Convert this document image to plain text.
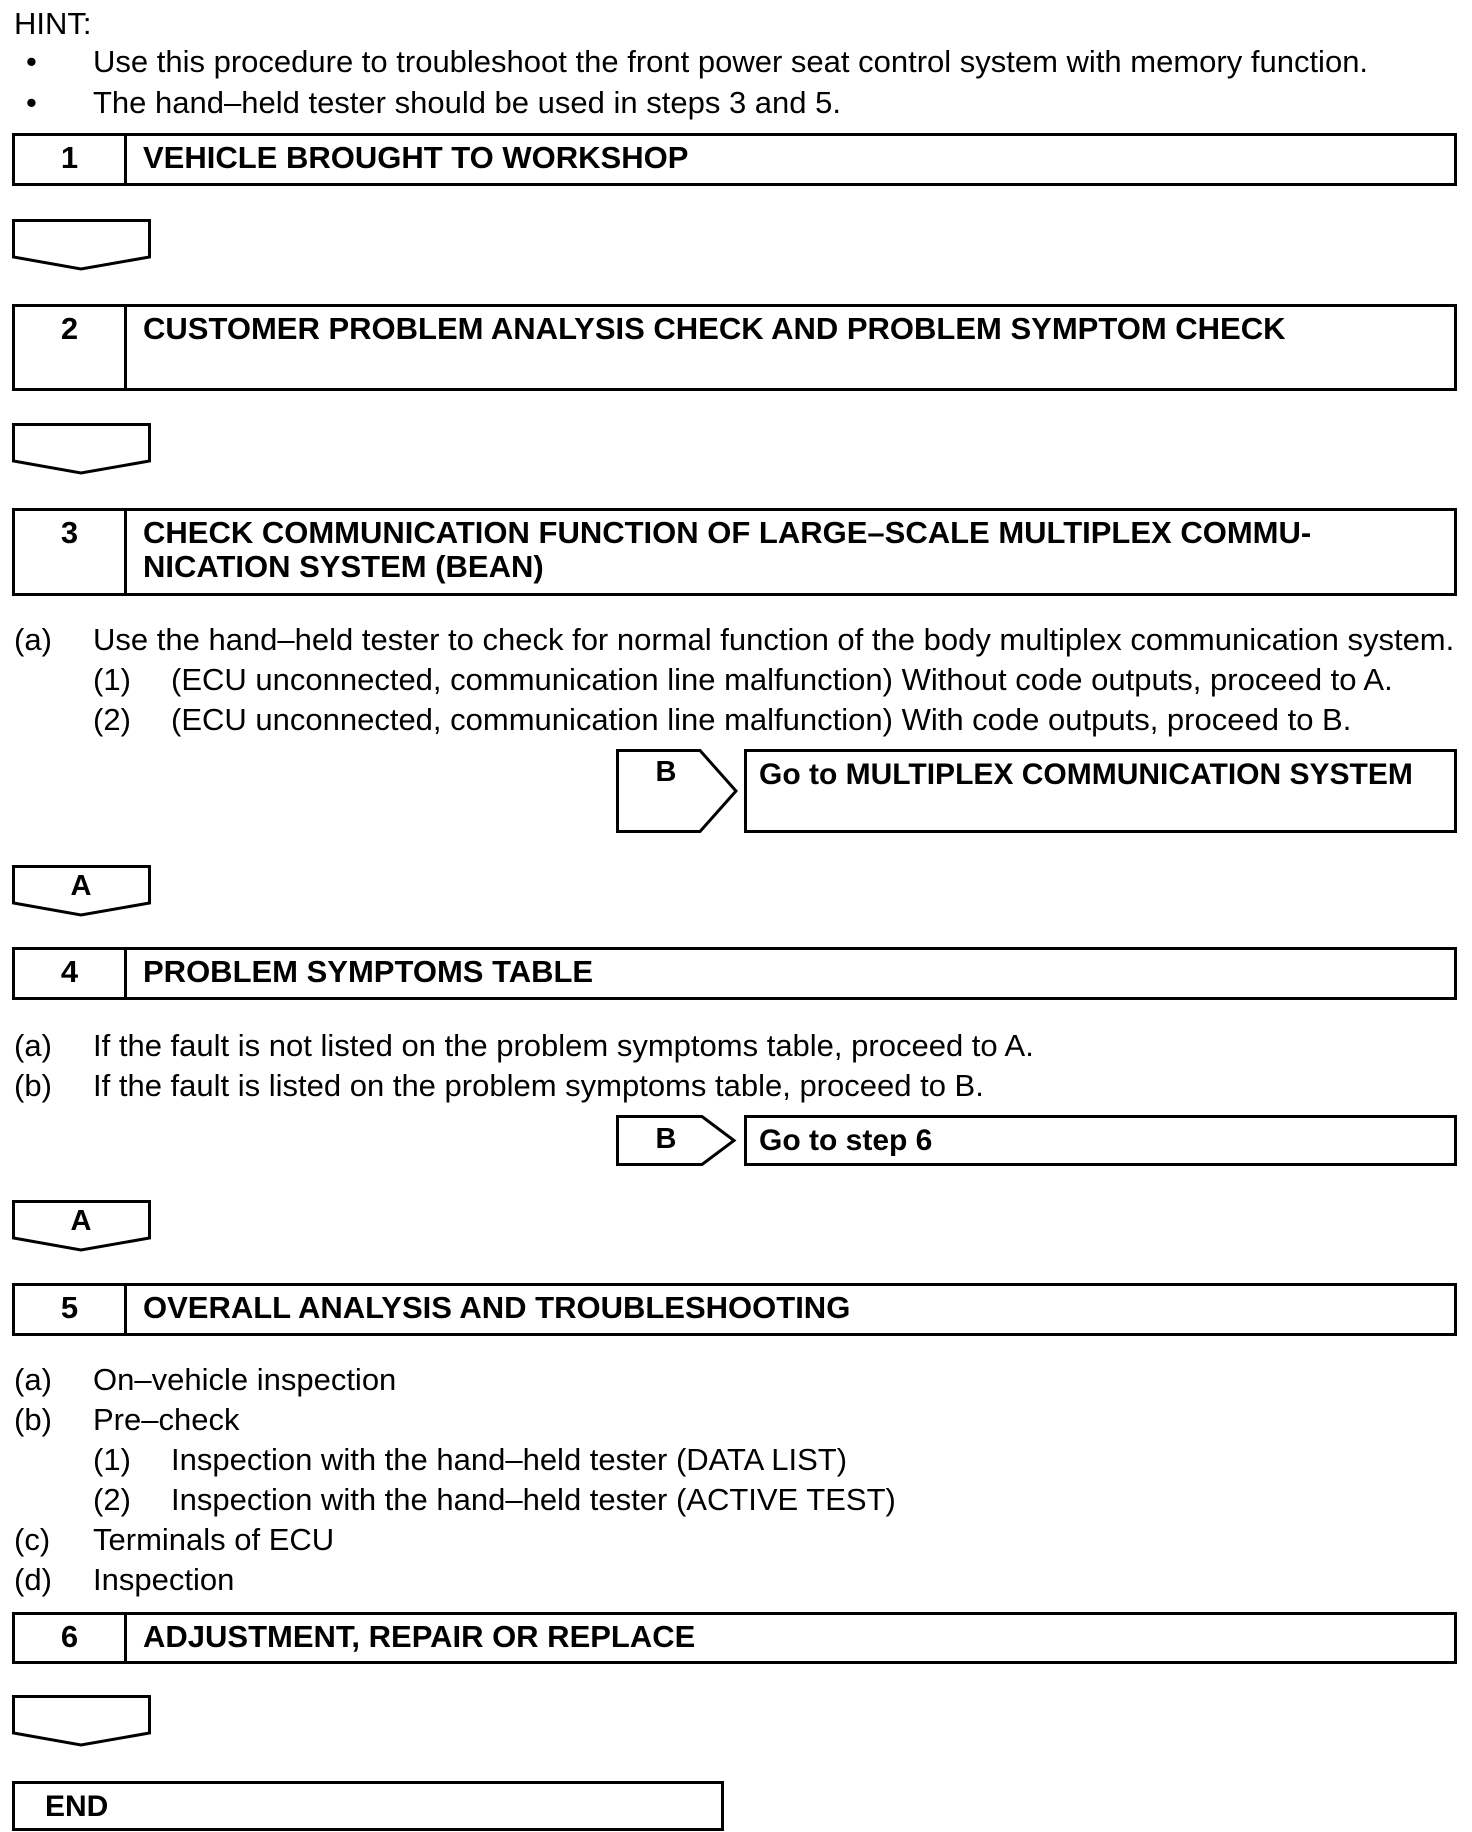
HINT:
• Use this procedure to troubleshoot the front power seat control system with memory function.
• The hand–held tester should be used in steps 3 and 5.
1	VEHICLE BROUGHT TO WORKSHOP
2	CUSTOMER PROBLEM ANALYSIS CHECK AND PROBLEM SYMPTOM CHECK
3	CHECK COMMUNICATION FUNCTION OF LARGE–SCALE MULTIPLEX COMMU-
NICATION SYSTEM (BEAN)
(a) Use the hand–held tester to check for normal function of the body multiplex communication system.
(1) (ECU unconnected, communication line malfunction) Without code outputs, proceed to A.
(2) (ECU unconnected, communication line malfunction) With code outputs, proceed to B.
B	Go to MULTIPLEX COMMUNICATION SYSTEM
A
4	PROBLEM SYMPTOMS TABLE
(a) If the fault is not listed on the problem symptoms table, proceed to A.
(b) If the fault is listed on the problem symptoms table, proceed to B.
B	Go to step 6
A
5	OVERALL ANALYSIS AND TROUBLESHOOTING
(a) On–vehicle inspection
(b) Pre–check
(1) Inspection with the hand–held tester (DATA LIST)
(2) Inspection with the hand–held tester (ACTIVE TEST)
(c) Terminals of ECU
(d) Inspection
6	ADJUSTMENT, REPAIR OR REPLACE
END
